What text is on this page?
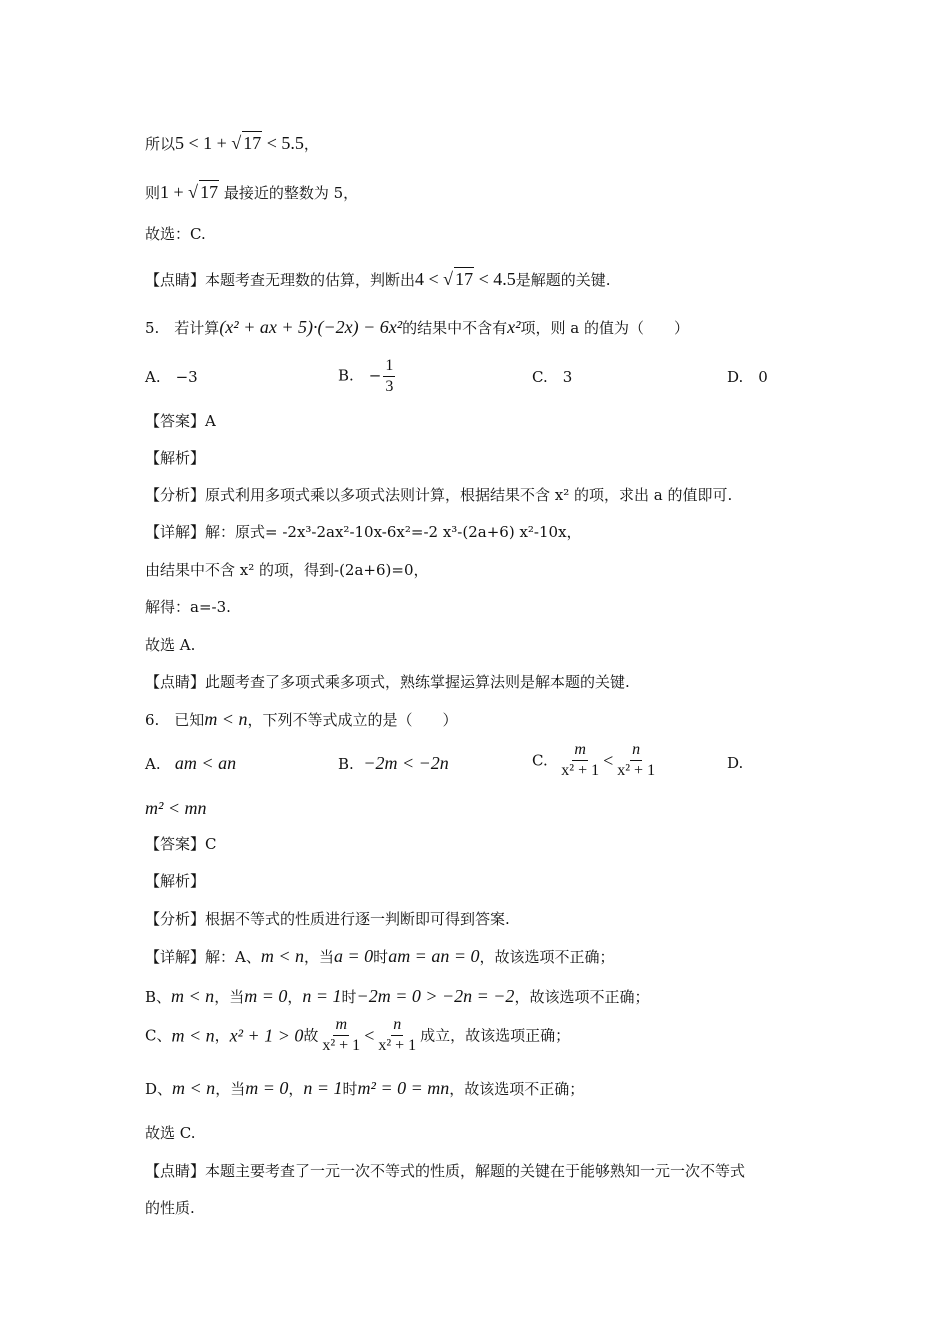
所以5 < 1 + √ 17 < 5.5，
则1 + √ 17 最接近的整数为 5，
故选：C.
【点睛】本题考查无理数的估算，判断出4 < √ 17 < 4.5是解题的关键.
5.　若计算(x² + ax + 5)·(−2x) − 6x²的结果中不含有x²项，则 a 的值为（　　）
A.　−3	B.　− $\frac{1}{3}$	C.　3	D.　0
【答案】A
【解析】
【分析】原式利用多项式乘以多项式法则计算，根据结果不含 x² 的项，求出 a 的值即可.
【详解】解：原式= -2x³-2ax²-10x-6x²=-2 x³-(2a+6) x²-10x，
由结果中不含 x² 的项，得到-(2a+6)=0，
解得：a=-3.
故选 A.
【点睛】此题考查了多项式乘多项式，熟练掌握运算法则是解本题的关键.
6.　已知m < n，下列不等式成立的是（　　）
A. am < an	B. −2m < −2n	C. $\frac{m}{\text{x² + 1}} < \frac{n}{\text{x² + 1}}$	D.
m² < mn
【答案】C
【解析】
【分析】根据不等式的性质进行逐一判断即可得到答案.
【详解】解：A、m < n，当a = 0时am = an = 0，故该选项不正确；
B、m < n，当m = 0，n = 1时−2m = 0 > −2n = −2，故该选项不正确；
C、m < n，x² + 1 > 0故 $\frac{m}{\text{x² + 1}} < \frac{n}{\text{x² + 1}}$ 成立，故该选项正确；
D、m < n，当m = 0，n = 1时m² = 0 = mn，故该选项不正确；
故选 C.
【点睛】本题主要考查了一元一次不等式的性质，解题的关键在于能够熟知一元一次不等式
的性质.
